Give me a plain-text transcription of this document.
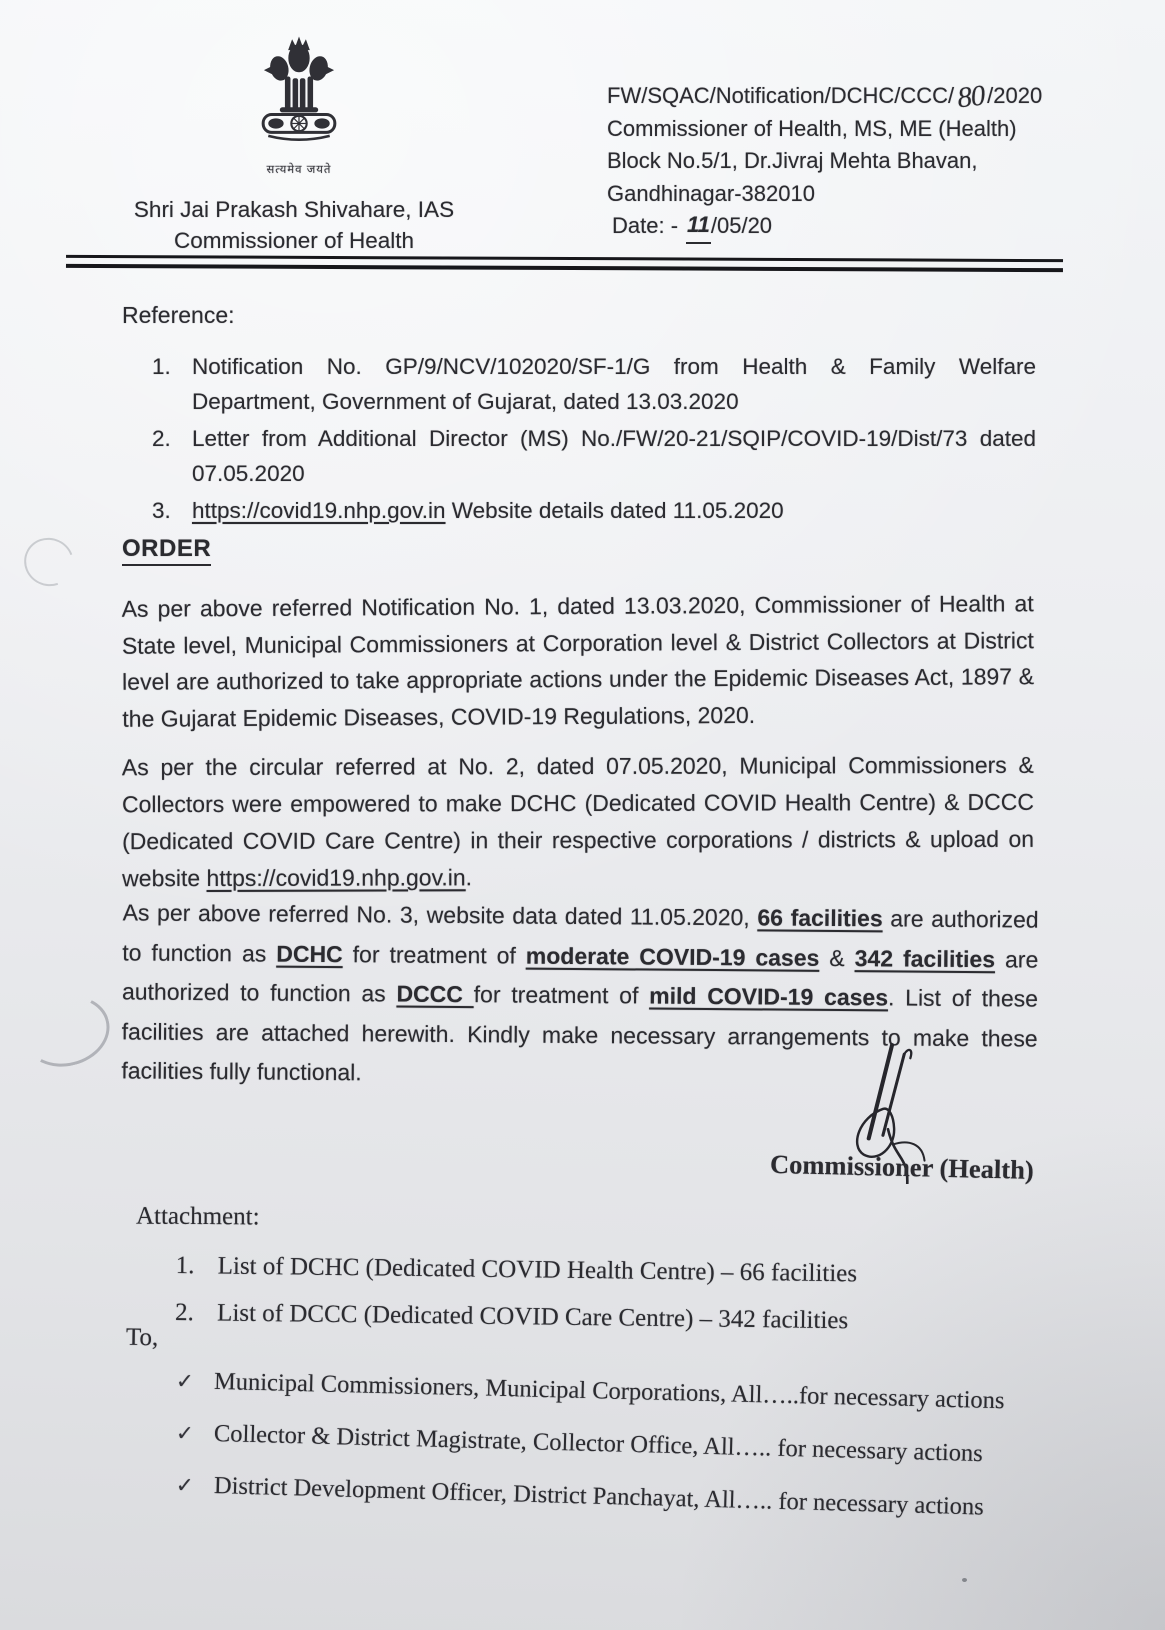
सत्यमेव जयते
Shri Jai Prakash Shivahare, IAS
Commissioner of Health
FW/SQAC/Notification/DCHC/CCC/80/2020
Commissioner of Health, MS, ME (Health)
Block No.5/1, Dr.Jivraj Mehta Bhavan,
Gandhinagar-382010
Date: - 11/05/20
Reference:
1. Notification No. GP/9/NCV/102020/SF-1/G from Health & Family Welfare Department, Government of Gujarat, dated 13.03.2020
2. Letter from Additional Director (MS) No./FW/20-21/SQIP/COVID-19/Dist/73 dated 07.05.2020
3. https://covid19.nhp.gov.in Website details dated 11.05.2020
ORDER
As per above referred Notification No. 1, dated 13.03.2020, Commissioner of Health at State level, Municipal Commissioners at Corporation level & District Collectors at District level are authorized to take appropriate actions under the Epidemic Diseases Act, 1897 & the Gujarat Epidemic Diseases, COVID-19 Regulations, 2020.
As per the circular referred at No. 2, dated 07.05.2020, Municipal Commissioners & Collectors were empowered to make DCHC (Dedicated COVID Health Centre) & DCCC (Dedicated COVID Care Centre) in their respective corporations / districts & upload on website https://covid19.nhp.gov.in.
As per above referred No. 3, website data dated 11.05.2020, 66 facilities are authorized to function as DCHC for treatment of moderate COVID-19 cases & 342 facilities are authorized to function as DCCC for treatment of mild COVID-19 cases. List of these facilities are attached herewith. Kindly make necessary arrangements to make these facilities fully functional.
Commissioner (Health)
Attachment:
1. List of DCHC (Dedicated COVID Health Centre) – 66 facilities
2. List of DCCC (Dedicated COVID Care Centre) – 342 facilities
To,
✓ Municipal Commissioners, Municipal Corporations, All…..for necessary actions
✓ Collector & District Magistrate, Collector Office, All….. for necessary actions
✓ District Development Officer, District Panchayat, All….. for necessary actions
